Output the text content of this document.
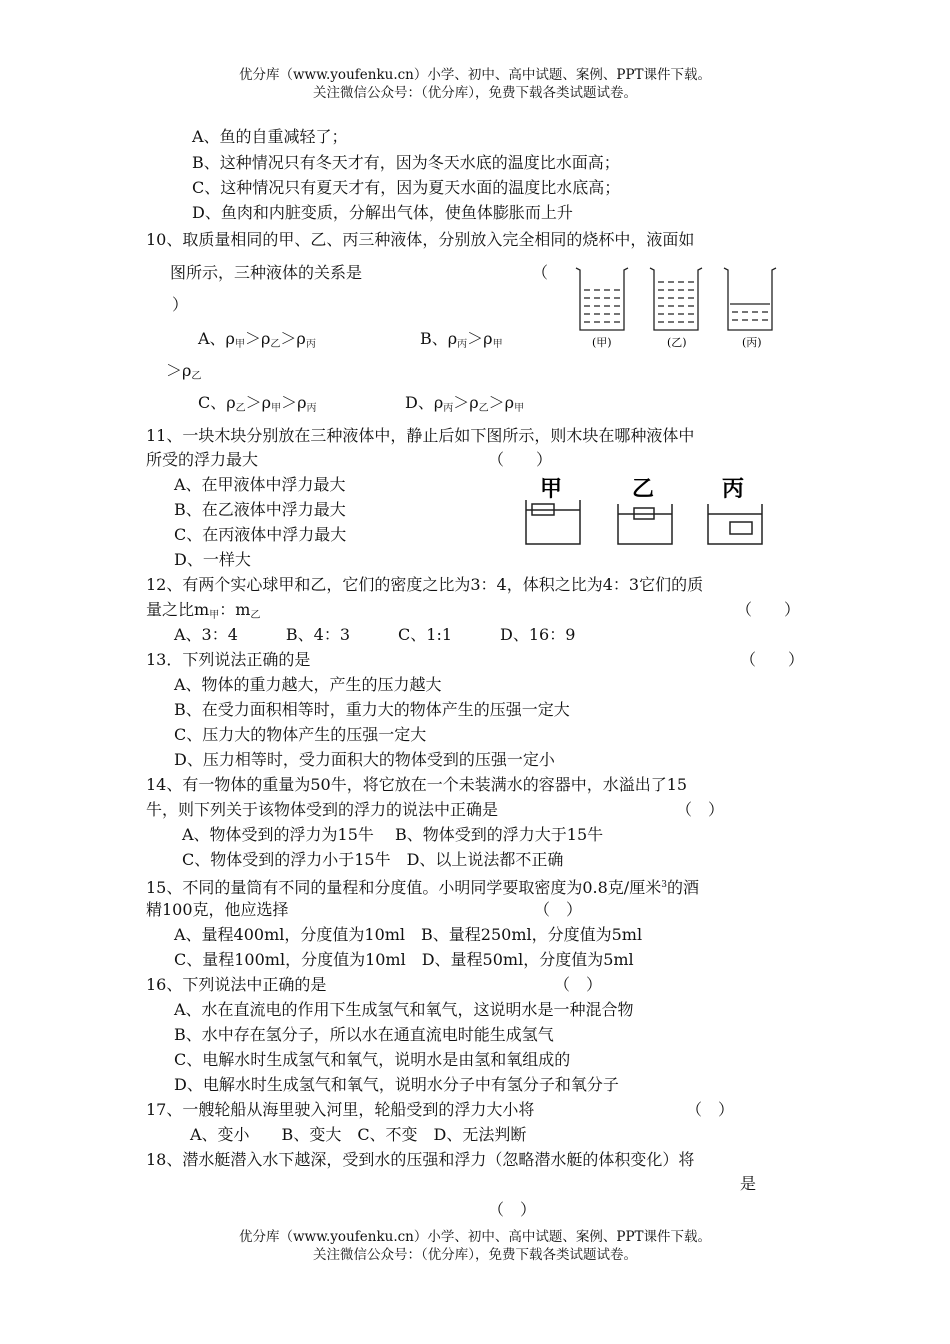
优分库（www.youfenku.cn）小学、初中、高中试题、案例、PPT课件下载。
关注微信公众号：（优分库），免费下载各类试题试卷。
A、鱼的自重减轻了；
B、这种情况只有冬天才有，因为冬天水底的温度比水面高；
C、这种情况只有夏天才有，因为夏天水面的温度比水底高；
D、鱼肉和内脏变质，分解出气体，使鱼体膨胀而上升
10、取质量相同的甲、乙、丙三种液体，分别放入完全相同的烧杯中，液面如
图所示，三种液体的关系是	（
）
A、$\rho_甲>\rho_乙>\rho_丙$	B、$\rho_丙>\rho_甲$
$>\rho_乙$
C、$\rho_乙>\rho_甲>\rho_丙$	D、$\rho_丙>\rho_乙>\rho_甲$
(甲)	(乙)	(丙)
11、一块木块分别放在三种液体中，静止后如下图所示，则木块在哪种液体中
所受的浮力最大	（　　）
A、在甲液体中浮力最大
B、在乙液体中浮力最大
C、在丙液体中浮力最大
D、一样大
甲	乙	丙
12、有两个实心球甲和乙，它们的密度之比为3：4，体积之比为4：3它们的质
量之比$m_甲$：$m_乙$	（　　）
A、3：4　　　B、4：3　　　C、1:1　　　D、16：9
13．下列说法正确的是	（　　）
A、物体的重力越大，产生的压力越大
B、在受力面积相等时，重力大的物体产生的压强一定大
C、压力大的物体产生的压强一定大
D、压力相等时，受力面积大的物体受到的压强一定小
14、有一物体的重量为50牛，将它放在一个未装满水的容器中，水溢出了15
牛，则下列关于该物体受到的浮力的说法中正确是	（　）
A、物体受到的浮力为15牛　 B、物体受到的浮力大于15牛
C、物体受到的浮力小于15牛　D、以上说法都不正确
15、不同的量筒有不同的量程和分度值。小明同学要取密度为0.8克/厘米$^3$的酒
精100克，他应选择	（　）
A、量程400ml，分度值为10ml　B、量程250ml，分度值为5ml
C、量程100ml，分度值为10ml　D、量程50ml，分度值为5ml
16、下列说法中正确的是	（　）
A、水在直流电的作用下生成氢气和氧气，这说明水是一种混合物
B、水中存在氢分子，所以水在通直流电时能生成氢气
C、电解水时生成氢气和氧气，说明水是由氢和氧组成的
D、电解水时生成氢气和氧气，说明水分子中有氢分子和氧分子
17、一艘轮船从海里驶入河里，轮船受到的浮力大小将	（　）
A、变小　　B、变大　C、不变　D、无法判断
18、潜水艇潜入水下越深，受到水的压强和浮力（忽略潜水艇的体积变化）将
是
（　）
优分库（www.youfenku.cn）小学、初中、高中试题、案例、PPT课件下载。
关注微信公众号：（优分库），免费下载各类试题试卷。
